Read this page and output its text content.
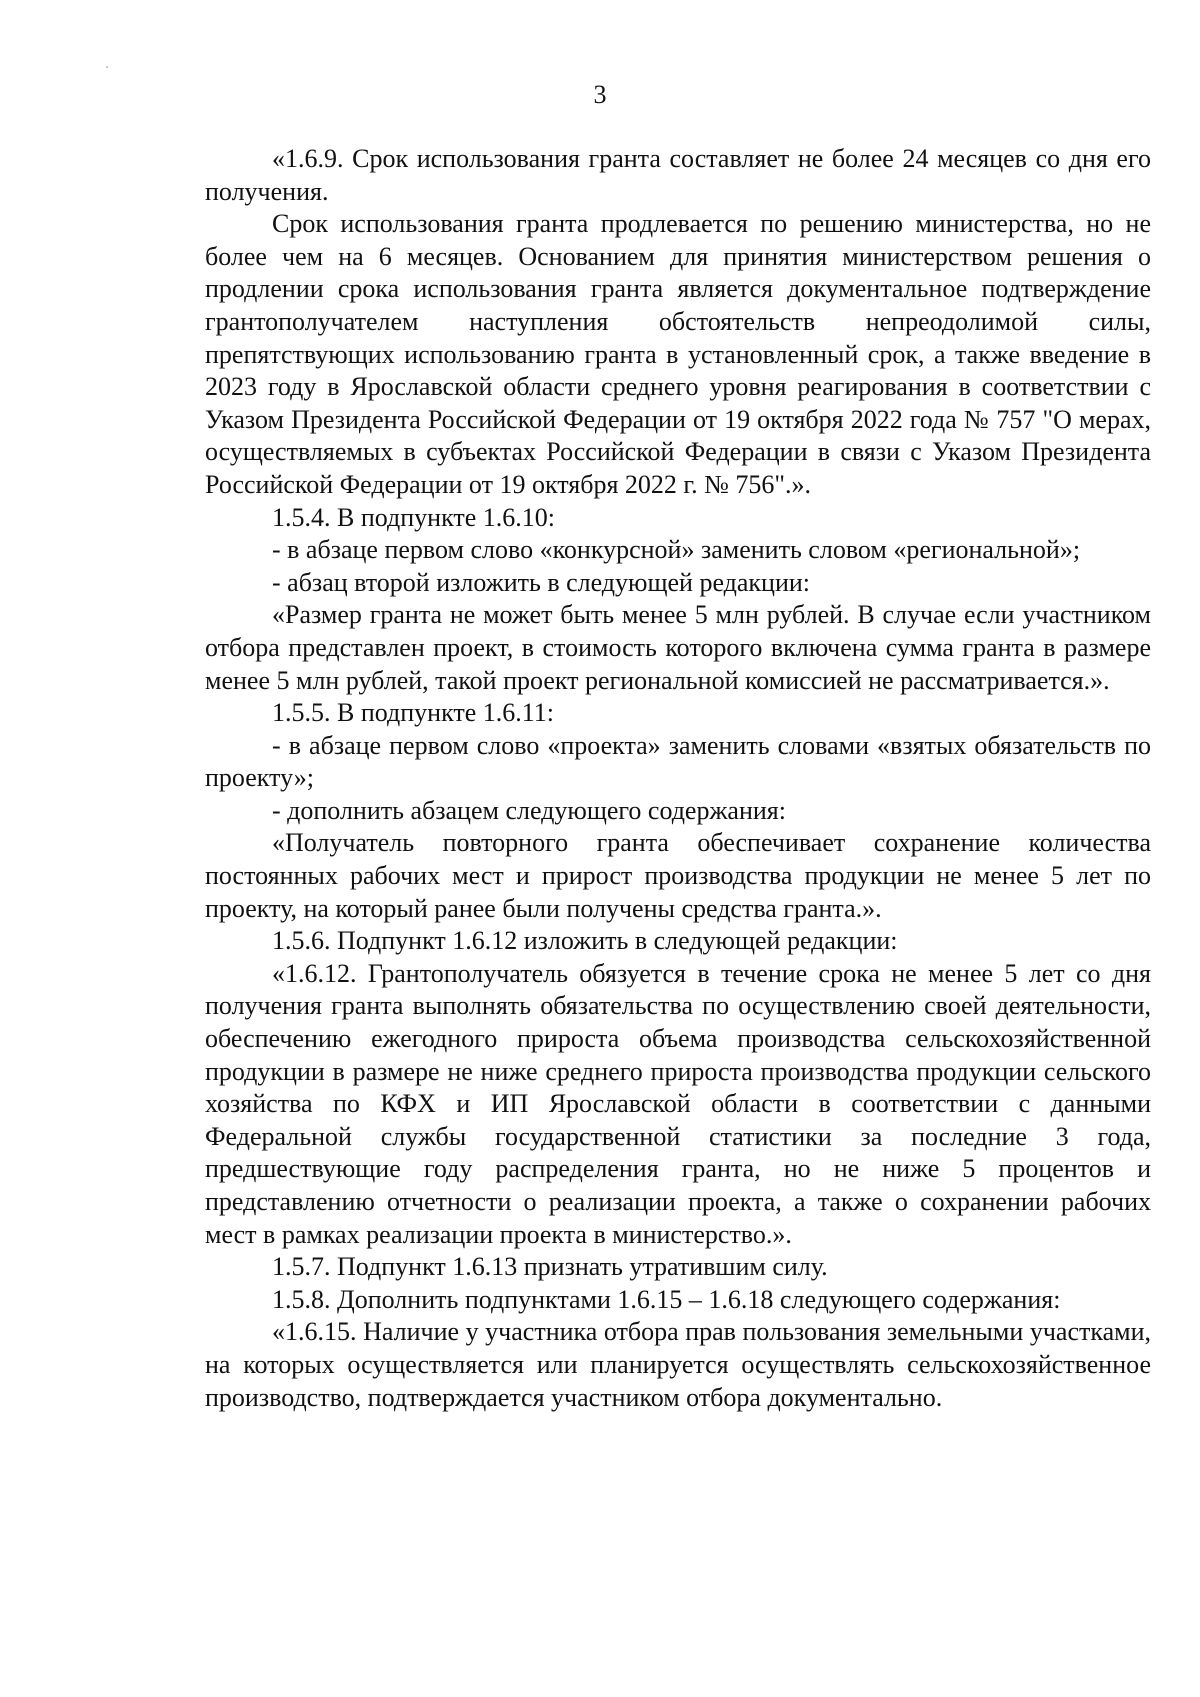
3

«1.6.9. Срок использования гранта составляет не более 24 месяцев со дня его получения.

Срок использования гранта продлевается по решению министерства, но не более чем на 6 месяцев. Основанием для принятия министерством решения о продлении срока использования гранта является документальное подтверждение грантополучателем наступления обстоятельств непреодолимой силы, препятствующих использованию гранта в установленный срок, а также введение в 2023 году в Ярославской области среднего уровня реагирования в соответствии с Указом Президента Российской Федерации от 19 октября 2022 года № 757 "О мерах, осуществляемых в субъектах Российской Федерации в связи с Указом Президента Российской Федерации от 19 октября 2022 г. № 756".».

1.5.4. В подпункте 1.6.10:

- в абзаце первом слово «конкурсной» заменить словом «региональной»;

- абзац второй изложить в следующей редакции:

«Размер гранта не может быть менее 5 млн рублей. В случае если участником отбора представлен проект, в стоимость которого включена сумма гранта в размере менее 5 млн рублей, такой проект региональной комиссией не рассматривается.».

1.5.5. В подпункте 1.6.11:

- в абзаце первом слово «проекта» заменить словами «взятых обязательств по проекту»;

- дополнить абзацем следующего содержания:

«Получатель повторного гранта обеспечивает сохранение количества постоянных рабочих мест и прирост производства продукции не менее 5 лет по проекту, на который ранее были получены средства гранта.».

1.5.6. Подпункт 1.6.12 изложить в следующей редакции:

«1.6.12. Грантополучатель обязуется в течение срока не менее 5 лет со дня получения гранта выполнять обязательства по осуществлению своей деятельности, обеспечению ежегодного прироста объема производства сельскохозяйственной продукции в размере не ниже среднего прироста производства продукции сельского хозяйства по КФХ и ИП Ярославской области в соответствии с данными Федеральной службы государственной статистики за последние 3 года, предшествующие году распределения гранта, но не ниже 5 процентов и представлению отчетности о реализации проекта, а также о сохранении рабочих мест в рамках реализации проекта в министерство.».

1.5.7. Подпункт 1.6.13 признать утратившим силу.

1.5.8. Дополнить подпунктами 1.6.15 – 1.6.18 следующего содержания:

«1.6.15. Наличие у участника отбора прав пользования земельными участками, на которых осуществляется или планируется осуществлять сельскохозяйственное производство, подтверждается участником отбора документально.
